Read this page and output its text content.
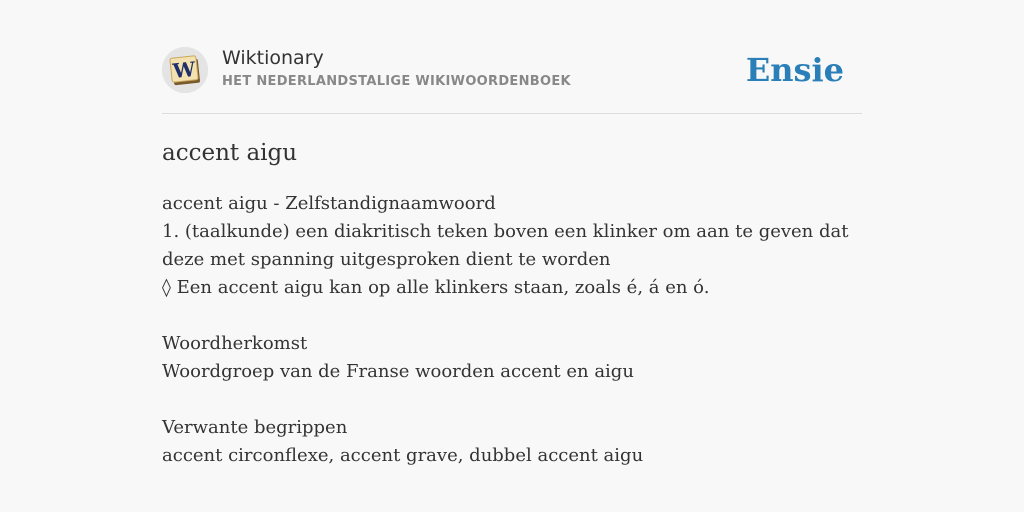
W Wiktionary
HET NEDERLANDSTALIGE WIKIWOORDENBOEK	Ensie
accent aigu
accent aigu - Zelfstandignaamwoord
1. (taalkunde) een diakritisch teken boven een klinker om aan te geven dat deze met spanning uitgesproken dient te worden
◊ Een accent aigu kan op alle klinkers staan, zoals é, á en ó.
Woordherkomst
Woordgroep van de Franse woorden accent en aigu
Verwante begrippen
accent circonflexe, accent grave, dubbel accent aigu
